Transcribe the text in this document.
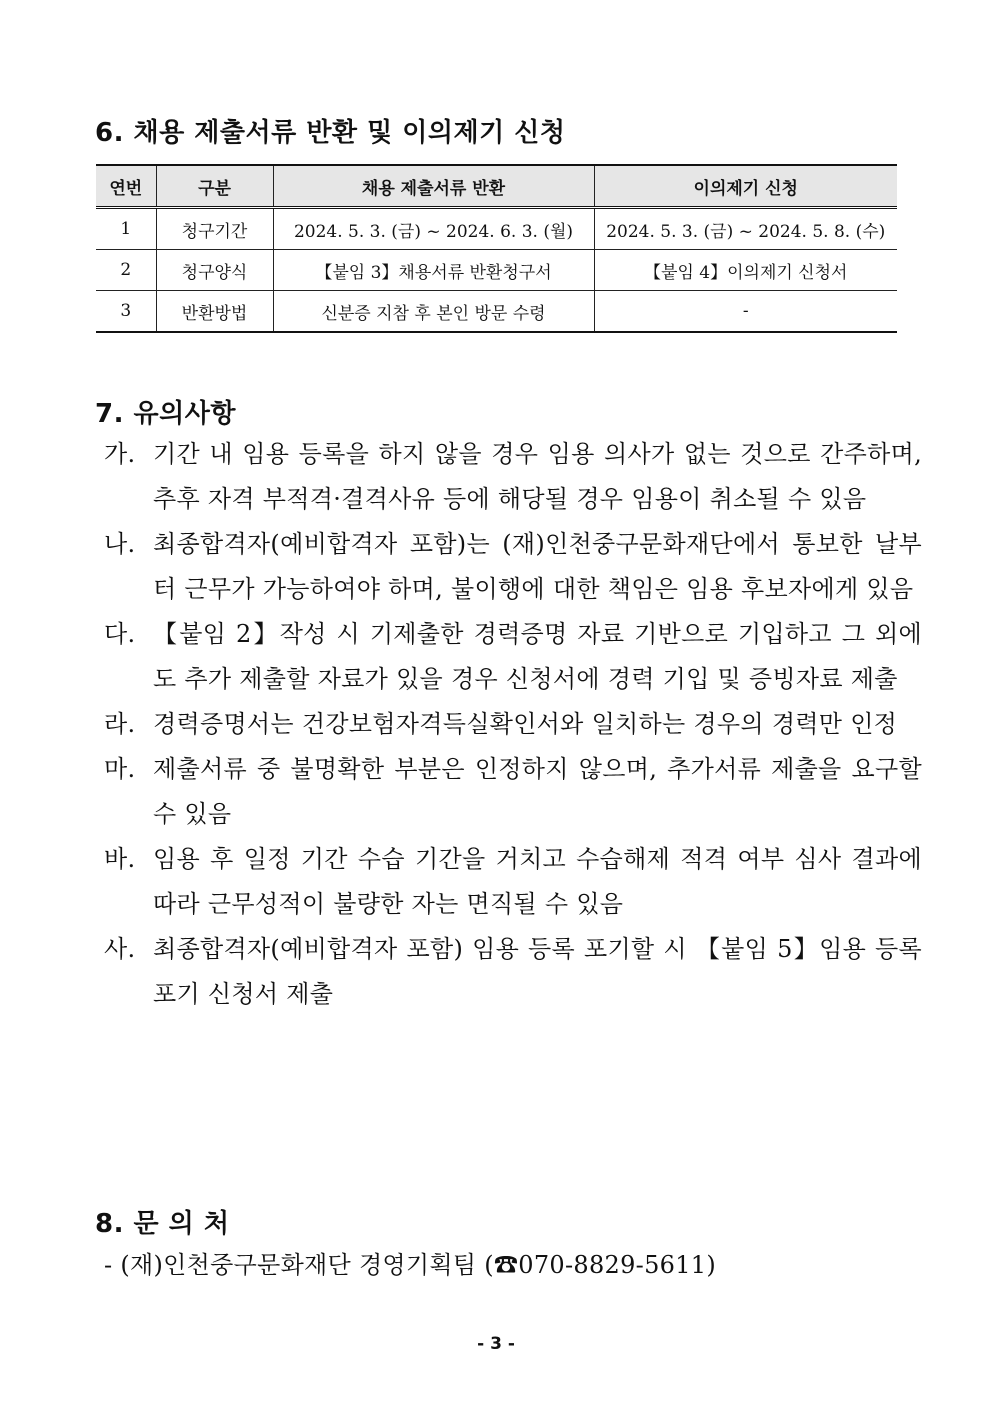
6. 채용 제출서류 반환 및 이의제기 신청
연번	구분	채용 제출서류 반환	이의제기 신청
1	청구기간	2024. 5. 3. (금) ~ 2024. 6. 3. (월)	2024. 5. 3. (금) ~ 2024. 5. 8. (수)
2	청구양식	【붙임 3】채용서류 반환청구서	【붙임 4】이의제기 신청서
3	반환방법	신분증 지참 후 본인 방문 수령	-
7. 유의사항
가. 기간 내 임용 등록을 하지 않을 경우 임용 의사가 없는 것으로 간주하며, 추후 자격 부적격·결격사유 등에 해당될 경우 임용이 취소될 수 있음
나. 최종합격자(예비합격자 포함)는 (재)인천중구문화재단에서 통보한 날부터 근무가 가능하여야 하며, 불이행에 대한 책임은 임용 후보자에게 있음
다. 【붙임 2】작성 시 기제출한 경력증명 자료 기반으로 기입하고 그 외에도 추가 제출할 자료가 있을 경우 신청서에 경력 기입 및 증빙자료 제출
라. 경력증명서는 건강보험자격득실확인서와 일치하는 경우의 경력만 인정
마. 제출서류 중 불명확한 부분은 인정하지 않으며, 추가서류 제출을 요구할 수 있음
바. 임용 후 일정 기간 수습 기간을 거치고 수습해제 적격 여부 심사 결과에 따라 근무성적이 불량한 자는 면직될 수 있음
사. 최종합격자(예비합격자 포함) 임용 등록 포기할 시 【붙임 5】임용 등록포기 신청서 제출
8. 문 의 처

- (재)인천중구문화재단 경영기획팀 (☎070-8829-5611)

- 3 -
